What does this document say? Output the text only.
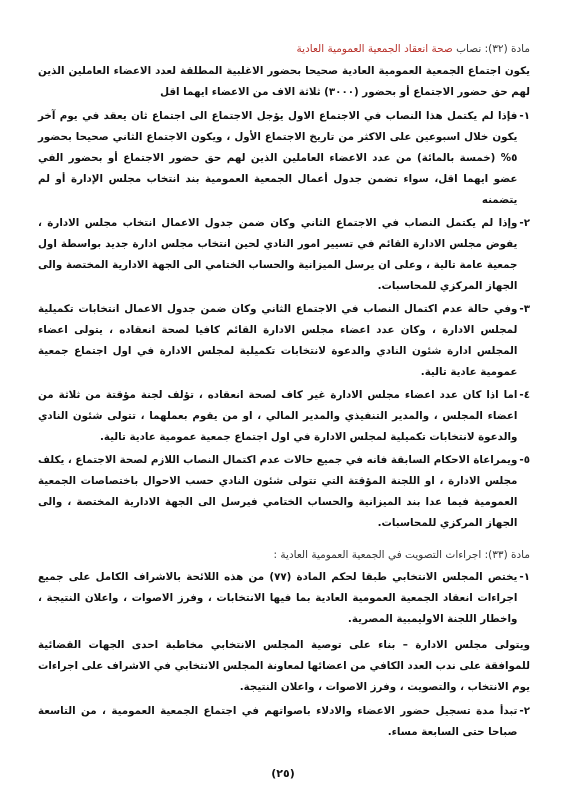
مادة (٣٢): نصاب صحة انعقاد الجمعية العمومية العادية

يكون اجتماع الجمعية العمومية العادية صحيحا بحضور الاغلبية المطلقة لعدد الاعضاء العاملين الذين لهم حق حضور الاجتماع أو بحضور (٣٠٠٠) ثلاثة الاف من الاعضاء ايهما اقل

١-
فإذا لم يكتمل هذا النصاب في الاجتماع الاول يؤجل الاجتماع الى اجتماع ثان يعقد في يوم آخر يكون خلال اسبوعين على الاكثر من تاريخ الاجتماع الأول ، ويكون الاجتماع الثاني صحيحا بحضور ٥% (خمسة بالمائة) من عدد الاعضاء العاملين الذين لهم حق حضور الاجتماع أو بحضور الفي عضو ايهما اقل، سواء تضمن جدول أعمال الجمعية العمومية بند انتخاب مجلس الإدارة أو لم يتضمنه
٢-
وإذا لم يكتمل النصاب في الاجتماع الثاني وكان ضمن جدول الاعمال انتخاب مجلس الادارة ، يفوض مجلس الادارة القائم في تسيير امور النادي لحين انتخاب مجلس ادارة جديد بواسطة اول جمعية عامة تالية ، وعلى ان يرسل الميزانية والحساب الختامي الى الجهة الادارية المختصة والى الجهاز المركزي للمحاسبات.
٣-
وفي حالة عدم اكتمال النصاب في الاجتماع الثاني وكان ضمن جدول الاعمال انتخابات تكميلية لمجلس الادارة ، وكان عدد اعضاء مجلس الادارة القائم كافيا لصحة انعقاده ، يتولى اعضاء المجلس ادارة شئون النادي والدعوة لانتخابات تكميلية لمجلس الادارة في اول اجتماع جمعية عمومية عادية تالية.
٤-
اما اذا كان عدد اعضاء مجلس الادارة غير كاف لصحة انعقاده ، تؤلف لجنة مؤقتة من ثلاثة من اعضاء المجلس ، والمدير التنفيذي والمدير المالي ، او من يقوم بعملهما ، تتولى شئون النادي والدعوة لانتخابات تكميلية لمجلس الادارة في اول اجتماع جمعية عمومية عادية تالية.
٥-
ويمراعاة الاحكام السابقة فانه في جميع حالات عدم اكتمال النصاب اللازم لصحة الاجتماع ، يكلف مجلس الادارة ، او اللجنة المؤقتة التي تتولى شئون النادي حسب الاحوال باختصاصات الجمعية العمومية فيما عدا بند الميزانية والحساب الختامي فيرسل الى الجهة الادارية المختصة ، والى الجهاز المركزي للمحاسبات.
مادة (٣٣): اجراءات التصويت في الجمعية العمومية العادية :
١-
يختص المجلس الانتخابي طبقا لحكم المادة (٧٧) من هذه اللائحة بالاشراف الكامل على جميع اجراءات انعقاد الجمعية العمومية العادية بما فيها الانتخابات ، وفرز الاصوات ، واعلان النتيجة ، واخطار اللجنة الاوليمبية المصرية.

ويتولى مجلس الادارة – بناء على توصية المجلس الانتخابي مخاطبة احدى الجهات القضائية للموافقة على ندب العدد الكافي من اعضائها لمعاونة المجلس الانتخابي في الاشراف على اجراءات يوم الانتخاب ، والتصويت ، وفرز الاصوات ، واعلان النتيجة.

٢-
تبدأ مدة تسجيل حضور الاعضاء والادلاء باصواتهم في اجتماع الجمعية العمومية ، من التاسعة صباحا حتى السابعة مساء.
(٢٥)
